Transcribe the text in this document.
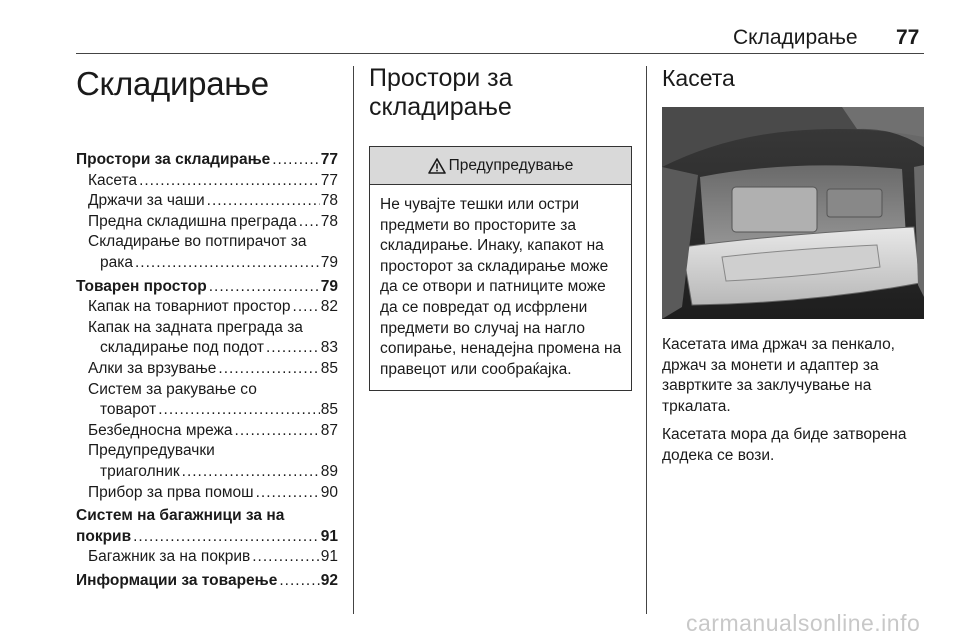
Складирање 77
Складирање
Простори за складирање .....	77
Касета .....	77
Држачи за чаши .....	78
Предна складишна преграда ..... 78
Складирање во потпирачот за
рака .....	79
Товарен простор .....	79
Капак на товарниот простор ..... 82
Капак на задната преграда за
складирање под подот .....	83
Алки за врзување .....	85
Систем за ракување со
товарот .....	85
Безбедносна мрежа .....	87
Предупредувачки
триаголник .....	89
Прибор за прва помош .....	90
Систем на багажници за на
покрив .....	91
Багажник за на покрив .....	91
Информации за товарење .....	92
Простори за
складирање
Предупредување
Не чувајте тешки или остри предмети во просторите за складирање. Инаку, капакот на просторот за складирање може да се отвори и патниците може да се повредат од исфрлени предмети во случај на нагло сопирање, ненадејна промена на правецот или сообраќајка.
Касета

Касетата има држач за пенкало, држач за монети и адаптер за завртките за заклучување на тркалата.

Касетата мора да биде затворена додека се вози.

carmanualsonline.info
